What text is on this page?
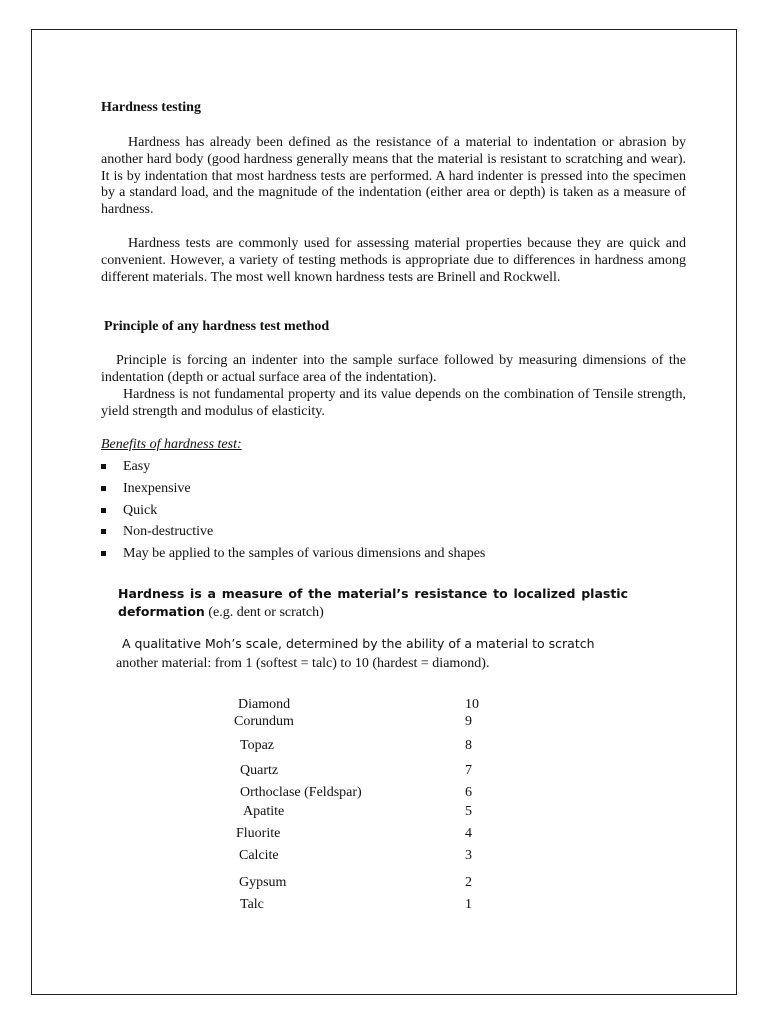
Hardness testing

Hardness has already been defined as the resistance of a material to indentation or abrasion by another hard body (good hardness generally means that the material is resistant to scratching and wear). It is by indentation that most hardness tests are performed. A hard indenter is pressed into the specimen by a standard load, and the magnitude of the indentation (either area or depth) is taken as a measure of hardness.

Hardness tests are commonly used for assessing material properties because they are quick and convenient. However, a variety of testing methods is appropriate due to differences in hardness among different materials. The most well known hardness tests are Brinell and Rockwell.

Principle of any hardness test method

Principle is forcing an indenter into the sample surface followed by measuring dimensions of the indentation (depth or actual surface area of the indentation).

Hardness is not fundamental property and its value depends on the combination of Tensile strength, yield strength and modulus of elasticity.

Benefits of hardness test:

Easy
Inexpensive
Quick
Non-destructive
May be applied to the samples of various dimensions and shapes

Hardness is a measure of the material’s resistance to localized plastic deformation (e.g. dent or scratch)

A qualitative Moh’s scale, determined by the ability of a material to scratch

another material: from 1 (softest = talc) to 10 (hardest = diamond).

Diamond	10
Corundum	9
Topaz	8
Quartz	7
Orthoclase (Feldspar)	6
Apatite	5
Fluorite	4
Calcite	3
Gypsum	2
Talc	1
